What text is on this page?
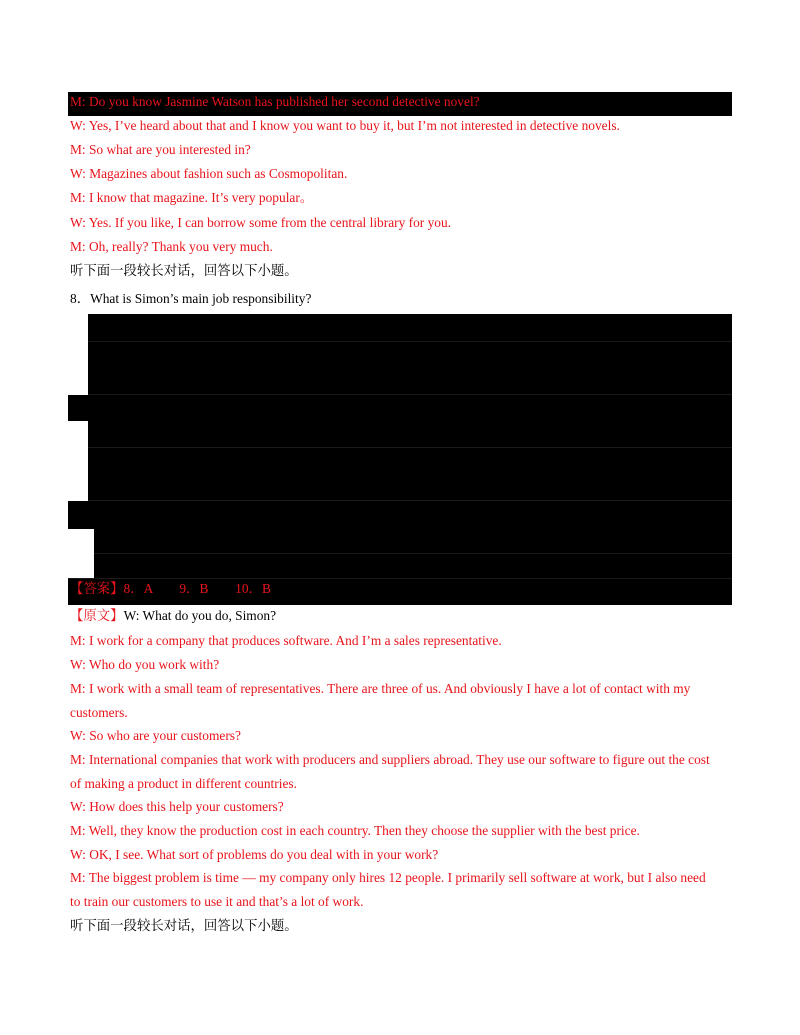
M: Do you know Jasmine Watson has published her second detective novel?
W: Yes, I’ve heard about that and I know you want to buy it, but I’m not interested in detective novels.
M: So what are you interested in?
W: Magazines about fashion such as Cosmopolitan.
M: I know that magazine. It’s very popular。
W: Yes. If you like, I can borrow some from the central library for you.
M: Oh, really? Thank you very much.
听下面一段较长对话，回答以下小题。
8．What is Simon’s main job responsibility?
【答案】8．A　　9．B　　10．B
【原文】W: What do you do, Simon?
M: I work for a company that produces software. And I’m a sales representative.
W: Who do you work with?
M: I work with a small team of representatives. There are three of us. And obviously I have a lot of contact with my
customers.
W: So who are your customers?
M: International companies that work with producers and suppliers abroad. They use our software to figure out the cost
of making a product in different countries.
W: How does this help your customers?
M: Well, they know the production cost in each country. Then they choose the supplier with the best price.
W: OK, I see. What sort of problems do you deal with in your work?
M: The biggest problem is time — my company only hires 12 people. I primarily sell software at work, but I also need
to train our customers to use it and that’s a lot of work.
听下面一段较长对话，回答以下小题。
